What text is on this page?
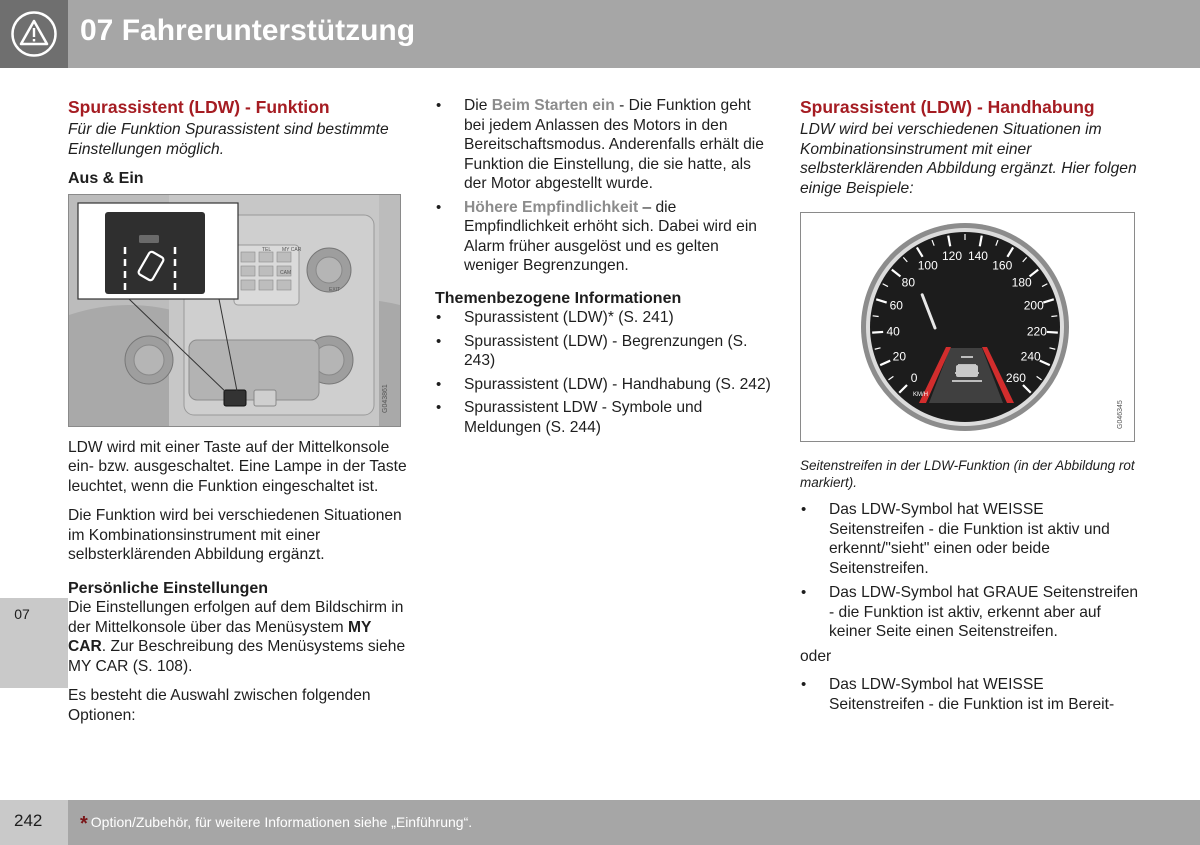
07 Fahrerunterstützung
07
Spurassistent (LDW) - Funktion

Für die Funktion Spurassistent sind bestimmte Einstellungen möglich.

Aus & Ein

LDW wird mit einer Taste auf der Mittelkonsole ein- bzw. ausgeschaltet. Eine Lampe in der Taste leuchtet, wenn die Funktion eingeschaltet ist.

Die Funktion wird bei verschiedenen Situationen im Kombinationsinstrument mit einer selbsterklärenden Abbildung ergänzt.

Persönliche Einstellungen

Die Einstellungen erfolgen auf dem Bildschirm in der Mittelkonsole über das Menüsystem MY CAR. Zur Beschreibung des Menüsystems siehe MY CAR (S. 108).

Es besteht die Auswahl zwischen folgenden Optionen:

TEL MY CAR
CAM
EXIT
G043861
• Die Beim Starten ein - Die Funktion geht bei jedem Anlassen des Motors in den Bereitschaftsmodus. Anderenfalls erhält die Funktion die Einstellung, die sie hatte, als der Motor abgestellt wurde.
• Höhere Empfindlichkeit – die Empfindlichkeit erhöht sich. Dabei wird ein Alarm früher ausgelöst und es gelten weniger Begrenzungen.

Themenbezogene Informationen

• Spurassistent (LDW)* (S. 241)
• Spurassistent (LDW) - Begrenzungen (S. 243)
• Spurassistent (LDW) - Handhabung (S. 242)
• Spurassistent LDW - Symbole und Meldungen (S. 244)
Spurassistent (LDW) - Handhabung

LDW wird bei verschiedenen Situationen im Kombinationsinstrument mit einer selbsterklärenden Abbildung ergänzt. Hier folgen einige Beispiele:

Seitenstreifen in der LDW-Funktion (in der Abbildung rot markiert).

• Das LDW-Symbol hat WEISSE Seitenstreifen - die Funktion ist aktiv und erkennt/"sieht" einen oder beide Seitenstreifen.
• Das LDW-Symbol hat GRAUE Seitenstreifen - die Funktion ist aktiv, erkennt aber auf keiner Seite einen Seitenstreifen.

oder

• Das LDW-Symbol hat WEISSE Seitenstreifen - die Funktion ist im Bereit-
0
20
40
60
80
100
120 140
160
180
200
220
240
260
KM/H
G046345
242 * Option/Zubehör, für weitere Informationen siehe „Einführung“.
